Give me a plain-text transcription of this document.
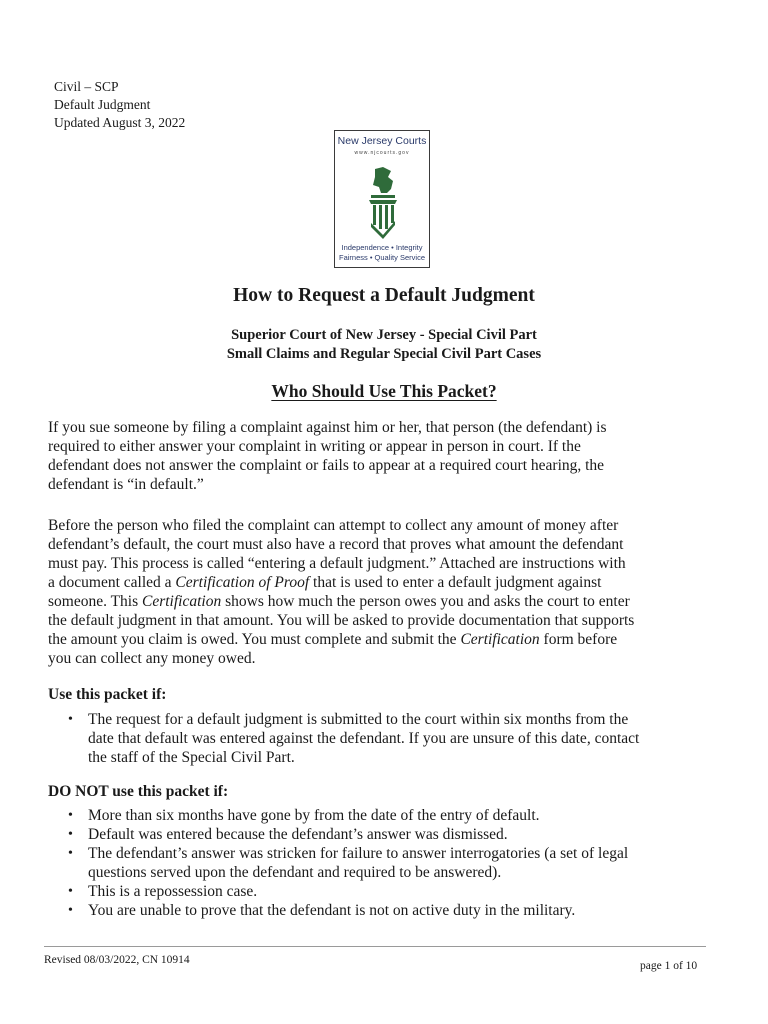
Civil – SCP
Default Judgment
Updated August 3, 2022
New Jersey Courts
www.njcourts.gov
Independence • Integrity
Fairness • Quality Service
How to Request a Default Judgment
Superior Court of New Jersey - Special Civil Part
Small Claims and Regular Special Civil Part Cases
Who Should Use This Packet?
If you sue someone by filing a complaint against him or her, that person (the defendant) is
required to either answer your complaint in writing or appear in person in court. If the
defendant does not answer the complaint or fails to appear at a required court hearing, the
defendant is “in default.”
Before the person who filed the complaint can attempt to collect any amount of money after
defendant’s default, the court must also have a record that proves what amount the defendant
must pay. This process is called “entering a default judgment.” Attached are instructions with
a document called a Certification of Proof that is used to enter a default judgment against
someone. This Certification shows how much the person owes you and asks the court to enter
the default judgment in that amount. You will be asked to provide documentation that supports
the amount you claim is owed. You must complete and submit the Certification form before
you can collect any money owed.
Use this packet if:
• The request for a default judgment is submitted to the court within six months from the
date that default was entered against the defendant. If you are unsure of this date, contact
the staff of the Special Civil Part.
DO NOT use this packet if:
• More than six months have gone by from the date of the entry of default.
• Default was entered because the defendant’s answer was dismissed.
• The defendant’s answer was stricken for failure to answer interrogatories (a set of legal
questions served upon the defendant and required to be answered).
• This is a repossession case.
• You are unable to prove that the defendant is not on active duty in the military.
Revised 08/03/2022, CN 10914	page 1 of 10
